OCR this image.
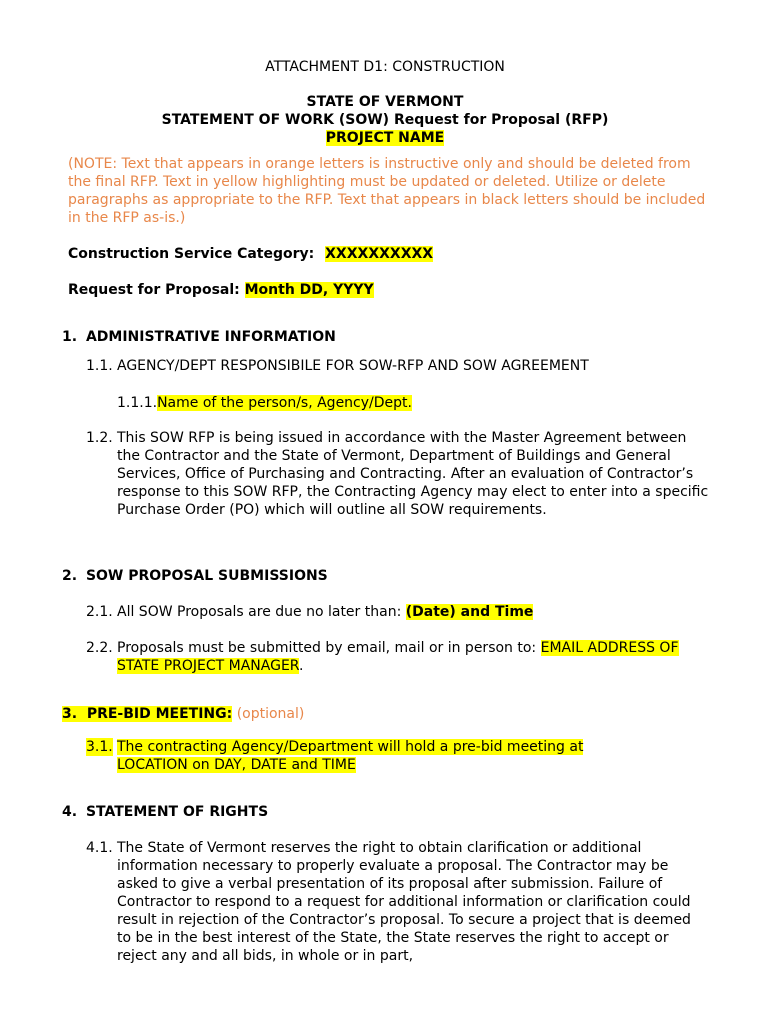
ATTACHMENT D1: CONSTRUCTION
STATE OF VERMONT
STATEMENT OF WORK (SOW) Request for Proposal (RFP)
PROJECT NAME
(NOTE: Text that appears in orange letters is instructive only and should be deleted from the final RFP. Text in yellow highlighting must be updated or deleted. Utilize or delete paragraphs as appropriate to the RFP. Text that appears in black letters should be included in the RFP as-is.)
Construction Service Category: XXXXXXXXXX
Request for Proposal: Month DD, YYYY
1. ADMINISTRATIVE INFORMATION
1.1. AGENCY/DEPT RESPONSIBILE FOR SOW-RFP AND SOW AGREEMENT
1.1.1.Name of the person/s, Agency/Dept.
1.2. This SOW RFP is being issued in accordance with the Master Agreement between the Contractor and the State of Vermont, Department of Buildings and General Services, Office of Purchasing and Contracting. After an evaluation of Contractor’s response to this SOW RFP, the Contracting Agency may elect to enter into a specific Purchase Order (PO) which will outline all SOW requirements.
2. SOW PROPOSAL SUBMISSIONS
2.1. All SOW Proposals are due no later than: (Date) and Time
2.2. Proposals must be submitted by email, mail or in person to: EMAIL ADDRESS OF STATE PROJECT MANAGER.
3. PRE-BID MEETING: (optional)
3.1. The contracting Agency/Department will hold a pre-bid meeting at LOCATION on DAY, DATE and TIME
4. STATEMENT OF RIGHTS
4.1. The State of Vermont reserves the right to obtain clarification or additional information necessary to properly evaluate a proposal. The Contractor may be asked to give a verbal presentation of its proposal after submission. Failure of Contractor to respond to a request for additional information or clarification could result in rejection of the Contractor’s proposal. To secure a project that is deemed to be in the best interest of the State, the State reserves the right to accept or reject any and all bids, in whole or in part,
